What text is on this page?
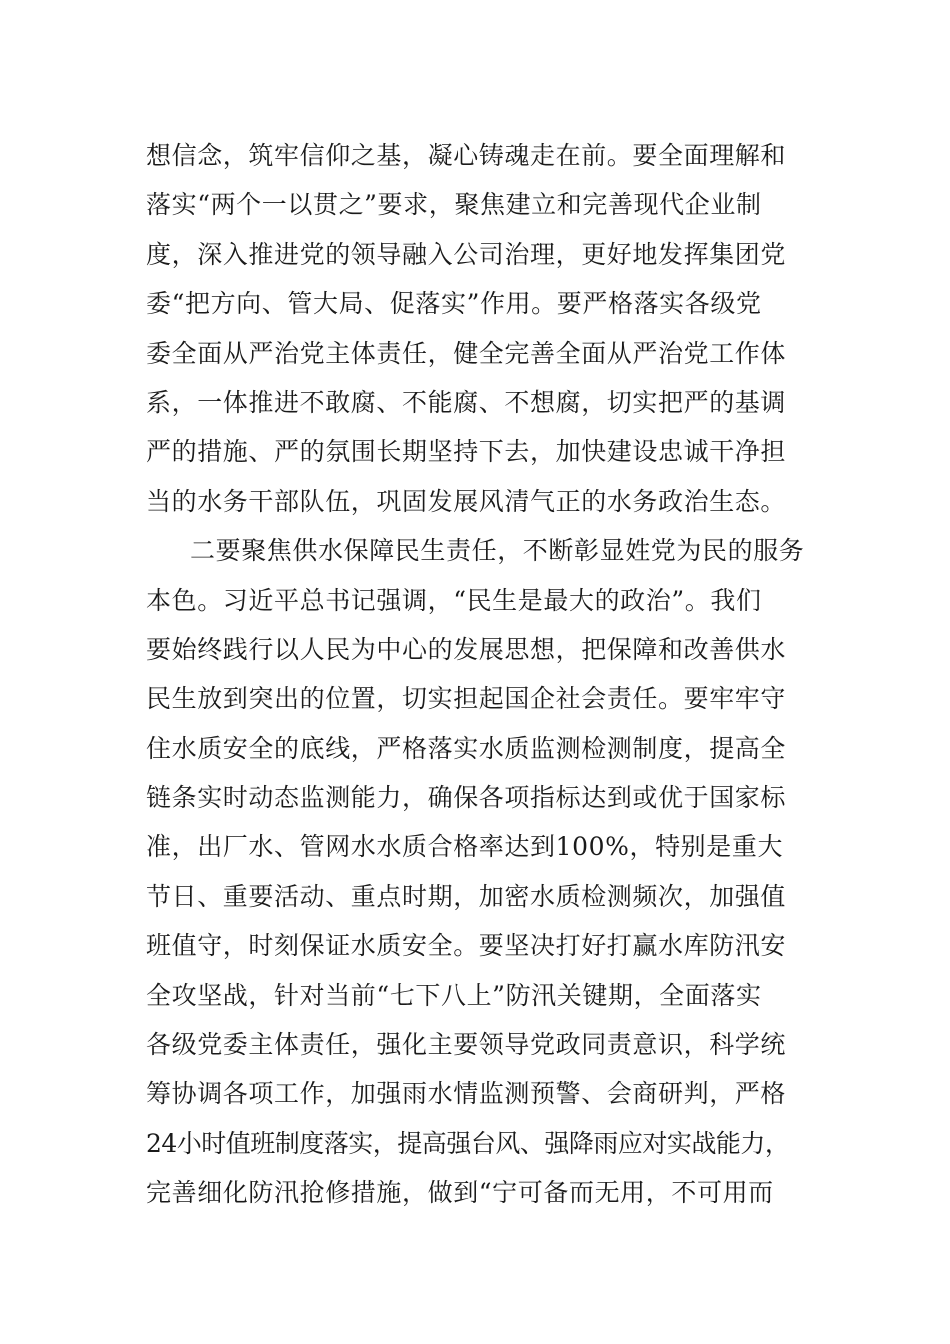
想信念，筑牢信仰之基，凝心铸魂走在前。要全面理解和
落实“两个一以贯之”要求，聚焦建立和完善现代企业制
度，深入推进党的领导融入公司治理，更好地发挥集团党
委“把方向、管大局、促落实”作用。要严格落实各级党
委全面从严治党主体责任，健全完善全面从严治党工作体
系，一体推进不敢腐、不能腐、不想腐，切实把严的基调
严的措施、严的氛围长期坚持下去，加快建设忠诚干净担
当的水务干部队伍，巩固发展风清气正的水务政治生态。
二要聚焦供水保障民生责任，不断彰显姓党为民的服务
本色。习近平总书记强调，“民生是最大的政治”。我们
要始终践行以人民为中心的发展思想，把保障和改善供水
民生放到突出的位置，切实担起国企社会责任。要牢牢守
住水质安全的底线，严格落实水质监测检测制度，提高全
链条实时动态监测能力，确保各项指标达到或优于国家标
准，出厂水、管网水水质合格率达到100%，特别是重大
节日、重要活动、重点时期，加密水质检测频次，加强值
班值守，时刻保证水质安全。要坚决打好打赢水库防汛安
全攻坚战，针对当前“七下八上”防汛关键期，全面落实
各级党委主体责任，强化主要领导党政同责意识，科学统
筹协调各项工作，加强雨水情监测预警、会商研判，严格
24小时值班制度落实，提高强台风、强降雨应对实战能力，
完善细化防汛抢修措施，做到“宁可备而无用，不可用而
